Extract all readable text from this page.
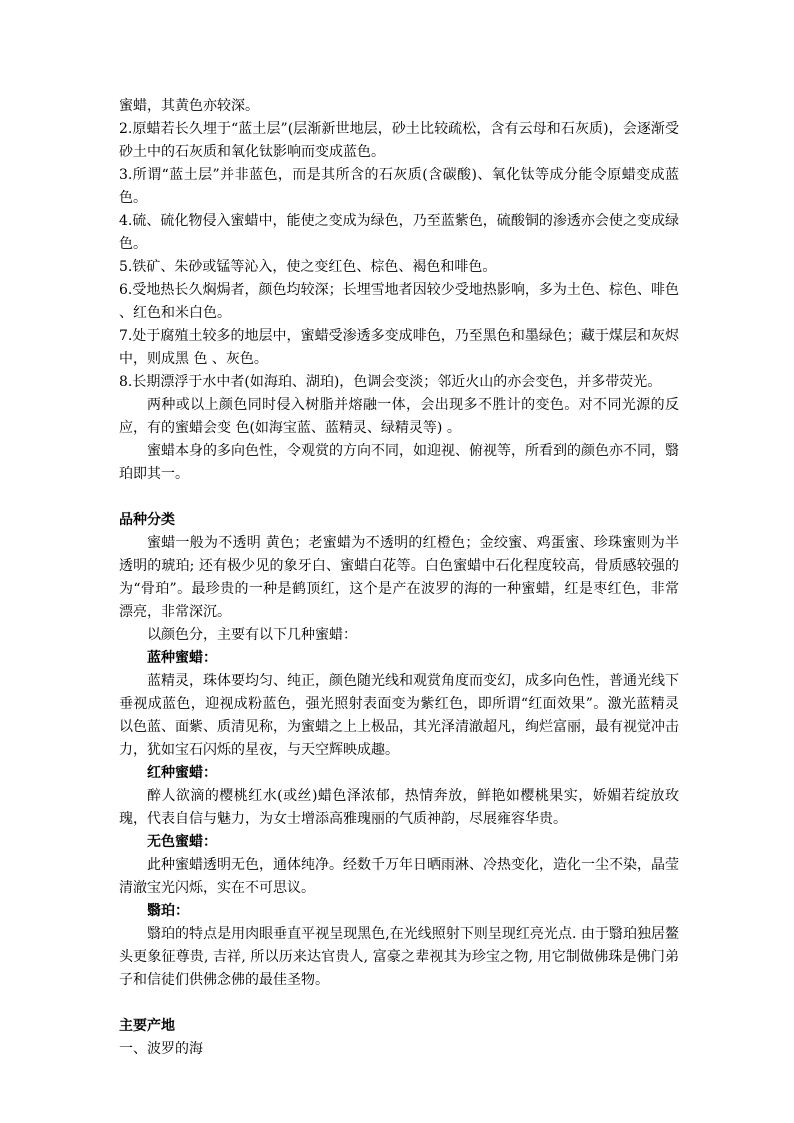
蜜蜡，其黄色亦较深。

2.原蜡若长久埋于“蓝土层”(层渐新世地层，砂土比较疏松，含有云母和石灰质)，会逐渐受砂土中的石灰质和氧化钛影响而变成蓝色。

3.所谓“蓝土层”并非蓝色，而是其所含的石灰质(含碳酸)、氧化钛等成分能令原蜡变成蓝色。

4.硫、硫化物侵入蜜蜡中，能使之变成为绿色，乃至蓝紫色，硫酸铜的渗透亦会使之变成绿色。

5.铁矿、朱砂或锰等沁入，使之变红色、棕色、褐色和啡色。

6.受地热长久焖焗者，颜色均较深；长埋雪地者因较少受地热影响，多为土色、棕色、啡色 、红色和米白色。

7.处于腐殖土较多的地层中，蜜蜡受渗透多变成啡色，乃至黑色和墨绿色；藏于煤层和灰烬中，则成黑 色 、灰色。

8.长期漂浮于水中者(如海珀、湖珀)，色调会变淡；邻近火山的亦会变色，并多带荧光。

两种或以上颜色同时侵入树脂并熔融一体，会出现多不胜计的变色。对不同光源的反应，有的蜜蜡会变 色(如海宝蓝、蓝精灵、绿精灵等) 。

蜜蜡本身的多向色性，令观赏的方向不同，如迎视、俯视等，所看到的颜色亦不同，翳珀即其一。

品种分类

蜜蜡一般为不透明 黄色；老蜜蜡为不透明的红橙色；金绞蜜、鸡蛋蜜、珍珠蜜则为半透明的琥珀; 还有极少见的象牙白、蜜蜡白花等。白色蜜蜡中石化程度较高，骨质感较强的为“骨珀”。最珍贵的一种是鹤顶红，这个是产在波罗的海的一种蜜蜡，红是枣红色，非常漂亮，非常深沉。

以颜色分，主要有以下几种蜜蜡：

蓝种蜜蜡：

蓝精灵，珠体要均匀、纯正，颜色随光线和观赏角度而变幻，成多向色性，普通光线下垂视成蓝色，迎视成粉蓝色，强光照射表面变为紫红色，即所谓“红面效果”。激光蓝精灵以色蓝、面紫、质清见称，为蜜蜡之上上极品，其光泽清澈超凡，绚烂富丽，最有视觉冲击力，犹如宝石闪烁的星夜，与天空辉映成趣。

红种蜜蜡：

醉人欲滴的樱桃红水(或丝)蜡色泽浓郁，热情奔放，鲜艳如樱桃果实，娇媚若绽放玫瑰，代表自信与魅力，为女士增添高雅瑰丽的气质神韵，尽展雍容华贵。

无色蜜蜡：

此种蜜蜡透明无色，通体纯净。经数千万年日晒雨淋、冷热变化，造化一尘不染，晶莹清澈宝光闪烁，实在不可思议。

翳珀：

翳珀的特点是用肉眼垂直平视呈现黑色,在光线照射下则呈现红亮光点. 由于翳珀独居鳌头更象征尊贵, 吉祥, 所以历来达官贵人, 富豪之辈视其为珍宝之物, 用它制做佛珠是佛门弟子和信徒们供佛念佛的最佳圣物。

主要产地

一、波罗的海
